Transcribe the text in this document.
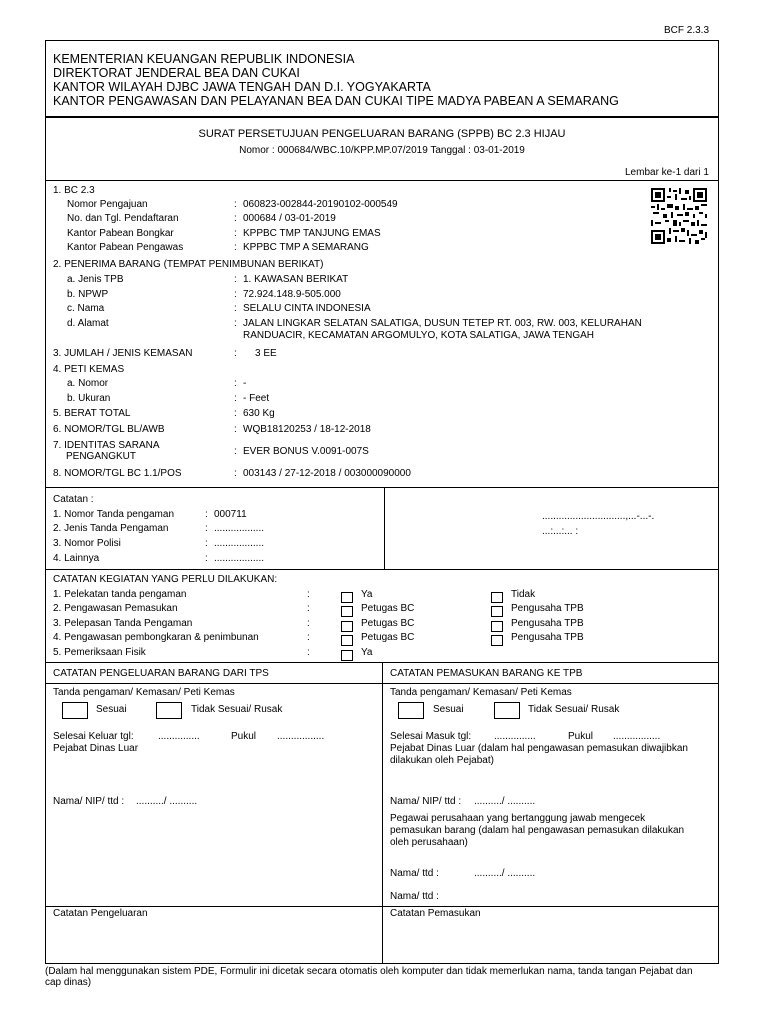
BCF 2.3.3
KEMENTERIAN KEUANGAN REPUBLIK INDONESIA
DIREKTORAT JENDERAL BEA DAN CUKAI
KANTOR WILAYAH DJBC JAWA TENGAH DAN D.I. YOGYAKARTA
KANTOR PENGAWASAN DAN PELAYANAN BEA DAN CUKAI TIPE MADYA PABEAN A SEMARANG
SURAT PERSETUJUAN PENGELUARAN BARANG (SPPB) BC 2.3 HIJAU
Nomor : 000684/WBC.10/KPP.MP.07/2019 Tanggal : 03-01-2019
Lembar ke-1 dari 1
1. BC 2.3
Nomor Pengajuan	: 060823-002844-20190102-000549
No. dan Tgl. Pendaftaran	: 000684 / 03-01-2019
Kantor Pabean Bongkar	: KPPBC TMP TANJUNG EMAS
Kantor Pabean Pengawas	: KPPBC TMP A SEMARANG
2. PENERIMA BARANG (TEMPAT PENIMBUNAN BERIKAT)
a. Jenis TPB	: 1. KAWASAN BERIKAT
b. NPWP	: 72.924.148.9-505.000
c. Nama	: SELALU CINTA INDONESIA
d. Alamat	: JALAN LINGKAR SELATAN SALATIGA, DUSUN TETEP RT. 003, RW. 003, KELURAHAN
RANDUACIR, KECAMATAN ARGOMULYO, KOTA SALATIGA, JAWA TENGAH
3. JUMLAH / JENIS KEMASAN	: 3 EE
4. PETI KEMAS
a. Nomor	: -
b. Ukuran	: - Feet
5. BERAT TOTAL	: 630 Kg
6. NOMOR/TGL BL/AWB	: WQB18120253 / 18-12-2018
7. IDENTITAS SARANA
PENGANGKUT	: EVER BONUS V.0091-007S
8. NOMOR/TGL BC 1.1/POS	: 003143 / 27-12-2018 / 003000090000
Catatan :
1. Nomor Tanda pengaman	: 000711
2. Jenis Tanda Pengaman	: ..................
3. Nomor Polisi	: ..................
4. Lainnya	: ..................
..............................,...-...-.
...:...:... :
CATATAN KEGIATAN YANG PERLU DILAKUKAN:
1. Pelekatan tanda pengaman	:	Ya	Tidak
2. Pengawasan Pemasukan	:	Petugas BC	Pengusaha TPB
3. Pelepasan Tanda Pengaman	:	Petugas BC	Pengusaha TPB
4. Pengawasan pembongkaran & penimbunan	:	Petugas BC	Pengusaha TPB
5. Pemeriksaan Fisik	:	Ya
CATATAN PENGELUARAN BARANG DARI TPS
Tanda pengaman/ Kemasan/ Peti Kemas
Sesuai	Tidak Sesuai/ Rusak
Selesai Keluar tgl: ...............	Pukul .................
Pejabat Dinas Luar
Nama/ NIP/ ttd : ........../ ..........
CATATAN PEMASUKAN BARANG KE TPB
Tanda pengaman/ Kemasan/ Peti Kemas
Sesuai	Tidak Sesuai/ Rusak
Selesai Masuk tgl: ...............	Pukul .................
Pejabat Dinas Luar (dalam hal pengawasan pemasukan diwajibkan
dilakukan oleh Pejabat)
Nama/ NIP/ ttd : ........../ ..........
Pegawai perusahaan yang bertanggung jawab mengecek
pemasukan barang (dalam hal pengawasan pemasukan dilakukan
oleh perusahaan)
Nama/ ttd :	........../ ..........
Nama/ ttd :
Catatan Pengeluaran	Catatan Pemasukan
(Dalam hal menggunakan sistem PDE, Formulir ini dicetak secara otomatis oleh komputer dan tidak memerlukan nama, tanda tangan Pejabat dan
cap dinas)
